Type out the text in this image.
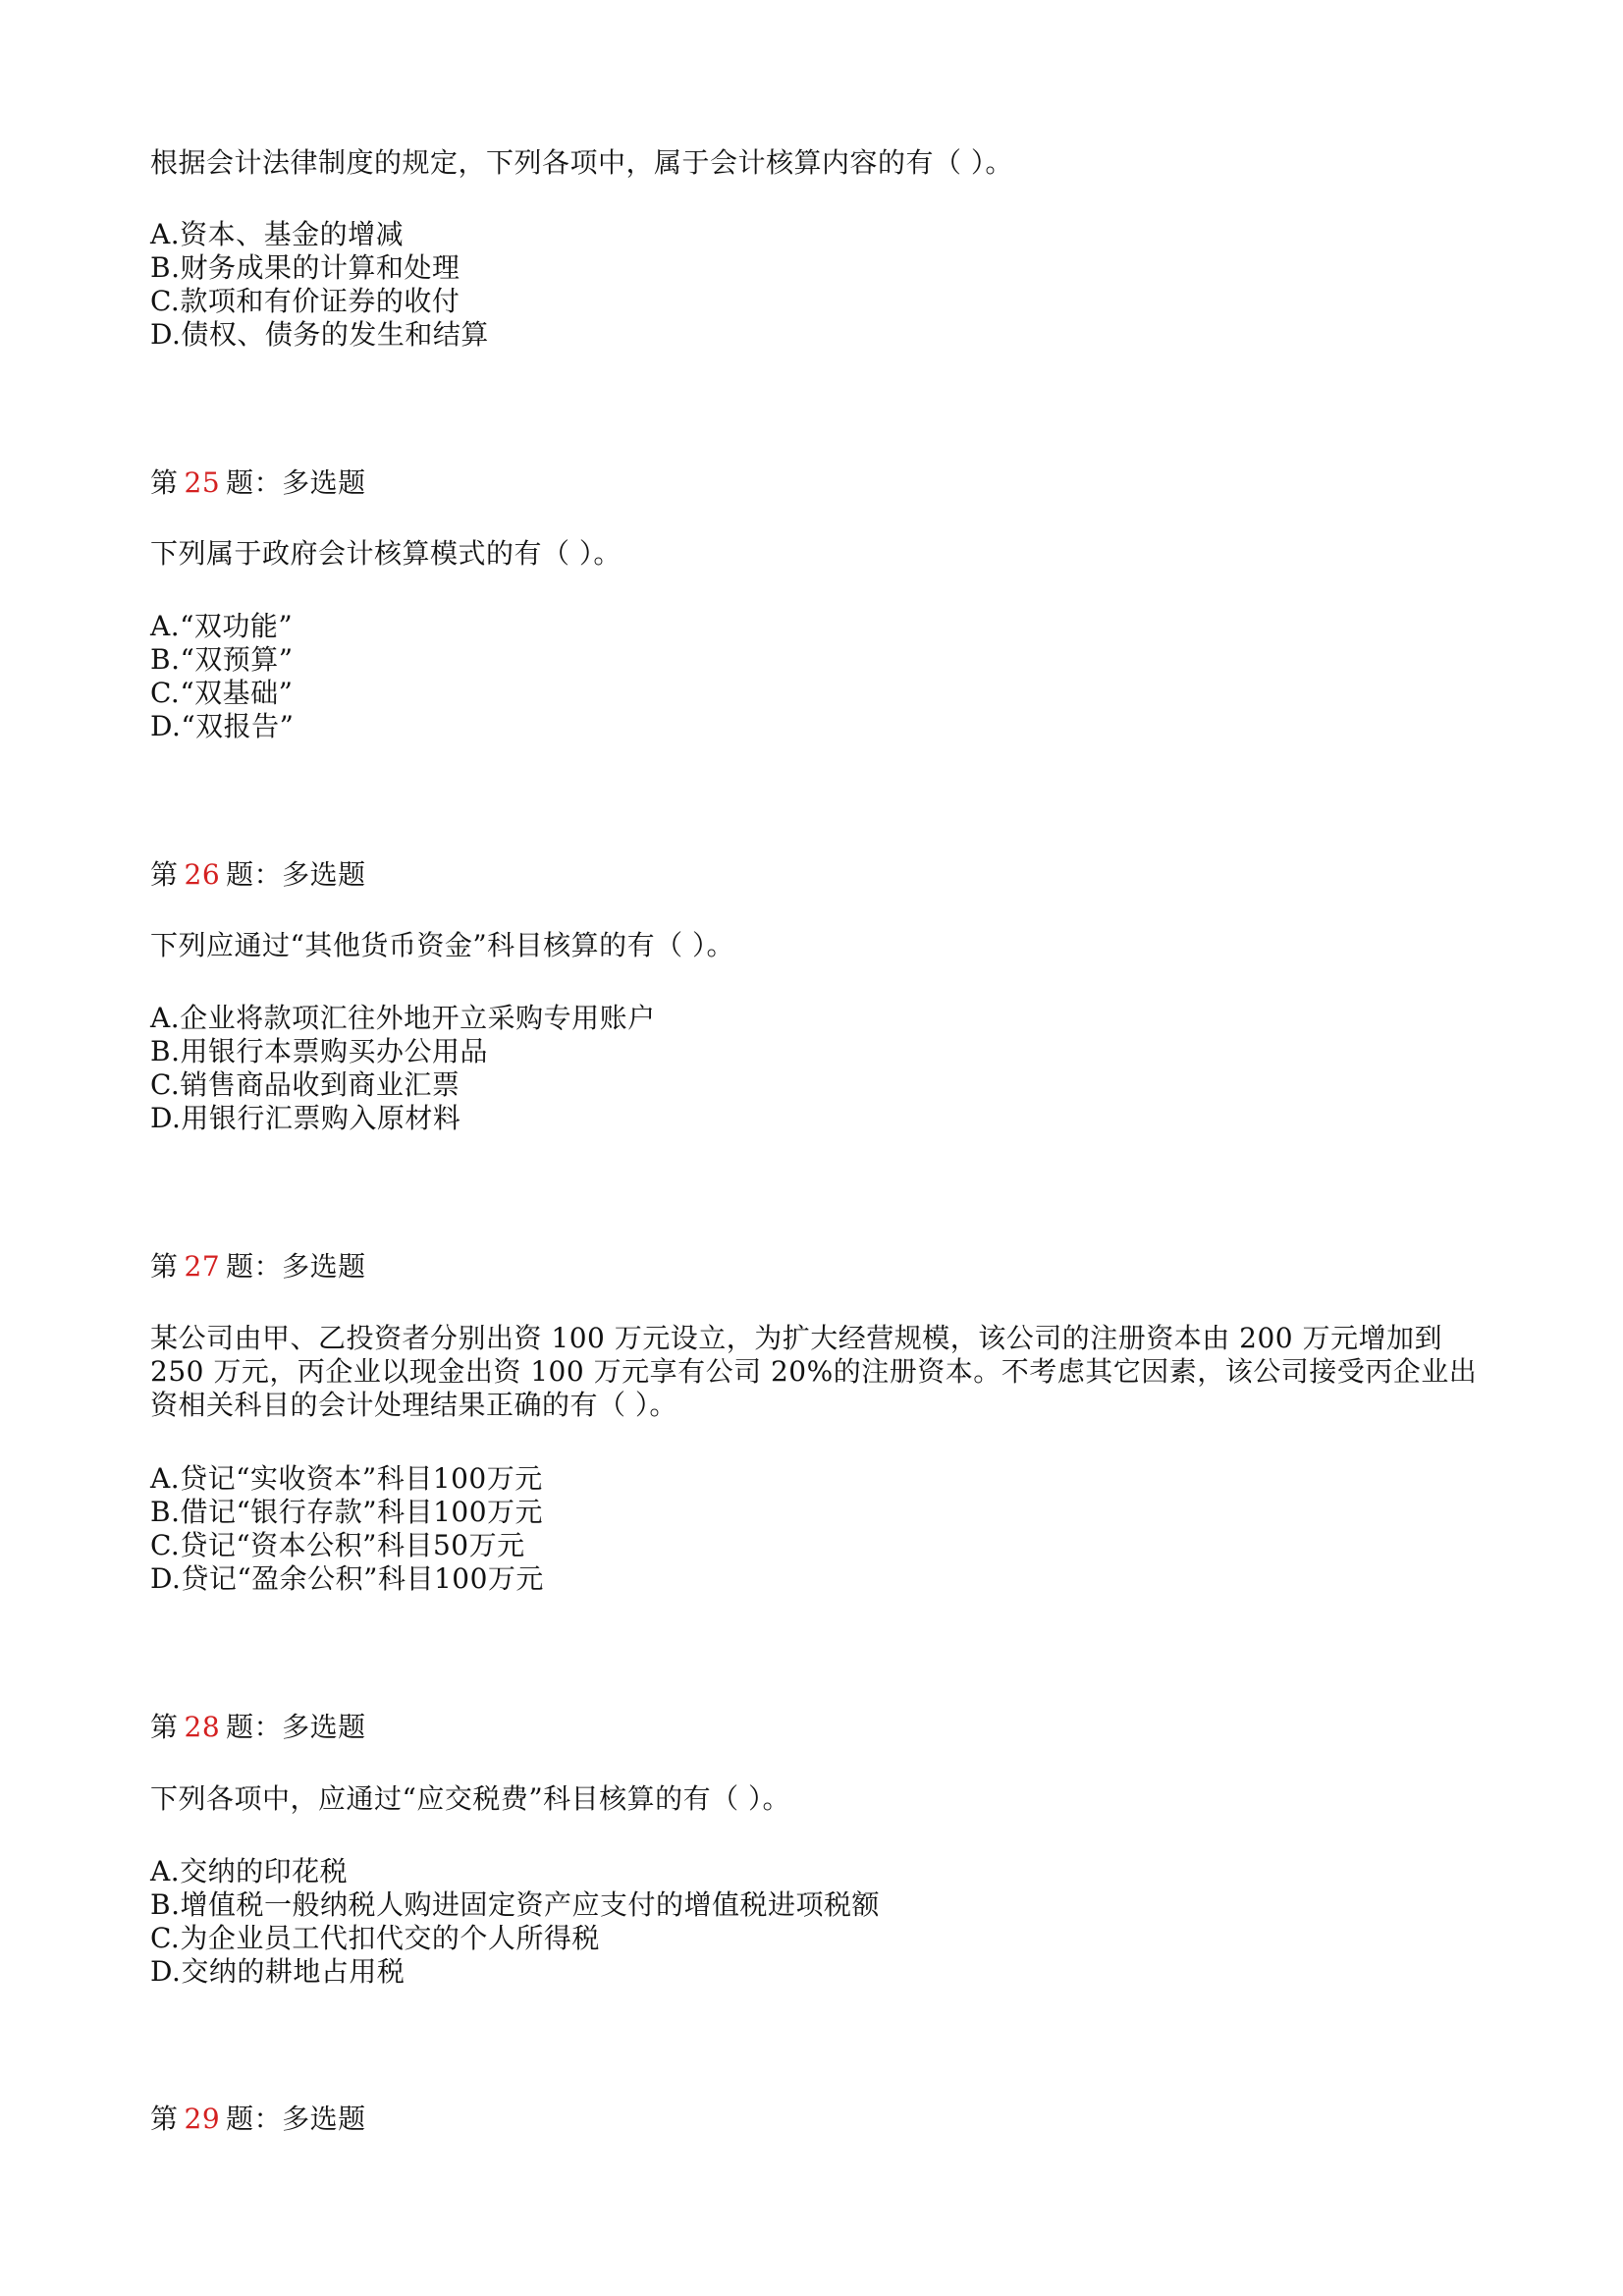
根据会计法律制度的规定，下列各项中，属于会计核算内容的有（ ）。
A.资本、基金的增减
B.财务成果的计算和处理
C.款项和有价证券的收付
D.债权、债务的发生和结算
第 25 题：多选题
下列属于政府会计核算模式的有（ ）。
A.“双功能”
B.“双预算”
C.“双基础”
D.“双报告”
第 26 题：多选题
下列应通过“其他货币资金”科目核算的有（ ）。
A.企业将款项汇往外地开立采购专用账户
B.用银行本票购买办公用品
C.销售商品收到商业汇票
D.用银行汇票购入原材料
第 27 题：多选题
某公司由甲、乙投资者分别出资 100 万元设立，为扩大经营规模，该公司的注册资本由 200 万元增加到
250 万元，丙企业以现金出资 100 万元享有公司 20%的注册资本。不考虑其它因素，该公司接受丙企业出
资相关科目的会计处理结果正确的有（ ）。
A.贷记“实收资本”科目100万元
B.借记“银行存款”科目100万元
C.贷记“资本公积”科目50万元
D.贷记“盈余公积”科目100万元
第 28 题：多选题
下列各项中，应通过“应交税费”科目核算的有（ ）。
A.交纳的印花税
B.增值税一般纳税人购进固定资产应支付的增值税进项税额
C.为企业员工代扣代交的个人所得税
D.交纳的耕地占用税
第 29 题：多选题
